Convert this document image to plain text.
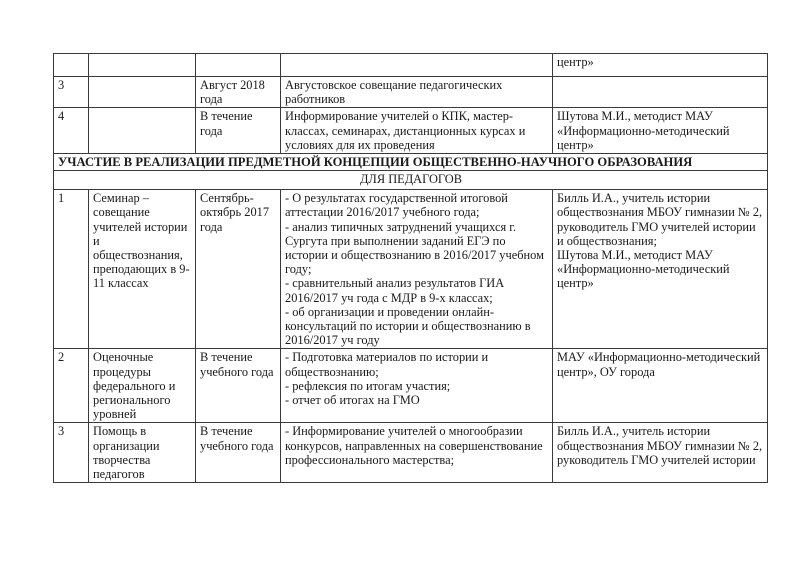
				центр»
3		Август 2018 года	Августовское совещание педагогических работников	
4		В течение года	Информирование учителей о КПК, мастер-классах, семинарах, дистанционных курсах и условиях для их проведения	Шутова М.И., методист МАУ «Информационно-методический центр»
УЧАСТИЕ В РЕАЛИЗАЦИИ ПРЕДМЕТНОЙ КОНЦЕПЦИИ ОБЩЕСТВЕННО-НАУЧНОГО ОБРАЗОВАНИЯ				
ДЛЯ ПЕДАГОГОВ				
1	Семинар – совещание учителей истории и обществознания, преподающих в 9-11 классах	Сентябрь-октябрь 2017 года	- О результатах государственной итоговой аттестации 2016/2017 учебного года;
- анализ типичных затруднений учащихся г. Сургута при выполнении заданий ЕГЭ по истории и обществознанию в 2016/2017 учебном году;
- сравнительный анализ результатов ГИА 2016/2017 уч года с МДР в 9-х классах;
- об организации и проведении онлайн-консультаций по истории и обществознанию в 2016/2017 уч году	Билль И.А., учитель истории обществознания МБОУ гимназии № 2, руководитель ГМО учителей истории и обществознания;
Шутова М.И., методист МАУ «Информационно-методический центр»

2	Оценочные процедуры федерального и регионального уровней	В течение учебного года	- Подготовка материалов по истории и обществознанию;
- рефлексия по итогам участия;
- отчет об итогах на ГМО	МАУ «Информационно-методический центр», ОУ города

3	Помощь в организации творчества педагогов	В течение учебного года	- Информирование учителей о многообразии конкурсов, направленных на совершенствование профессионального мастерства;	Билль И.А., учитель истории обществознания МБОУ гимназии № 2, руководитель ГМО учителей истории
